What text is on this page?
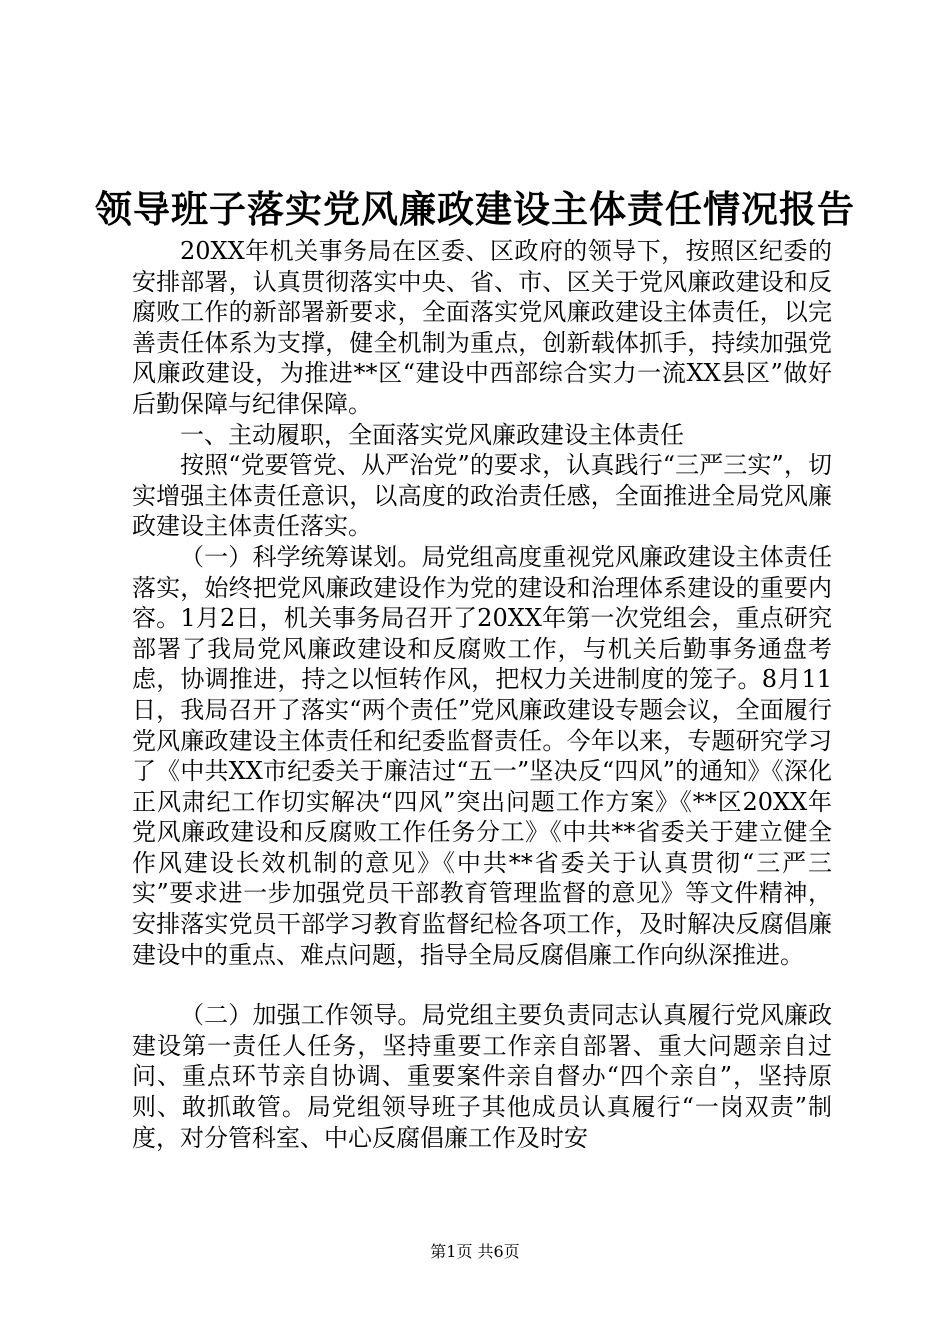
领导班子落实党风廉政建设主体责任情况报告

20XX年机关事务局在区委、区政府的领导下，按照区纪委的安排部署，认真贯彻落实中央、省、市、区关于党风廉政建设和反腐败工作的新部署新要求，全面落实党风廉政建设主体责任，以完善责任体系为支撑，健全机制为重点，创新载体抓手，持续加强党风廉政建设，为推进**区“建设中西部综合实力一流XX县区”做好后勤保障与纪律保障。

一、主动履职，全面落实党风廉政建设主体责任

按照“党要管党、从严治党”的要求，认真践行“三严三实”，切实增强主体责任意识，以高度的政治责任感，全面推进全局党风廉政建设主体责任落实。

（一）科学统筹谋划。局党组高度重视党风廉政建设主体责任落实，始终把党风廉政建设作为党的建设和治理体系建设的重要内容。1月2日，机关事务局召开了20XX年第一次党组会，重点研究部署了我局党风廉政建设和反腐败工作，与机关后勤事务通盘考虑，协调推进，持之以恒转作风，把权力关进制度的笼子。8月11日，我局召开了落实“两个责任”党风廉政建设专题会议，全面履行党风廉政建设主体责任和纪委监督责任。今年以来，专题研究学习了《中共XX市纪委关于廉洁过“五一”坚决反“四风”的通知》《深化正风肃纪工作切实解决“四风”突出问题工作方案》《**区20XX年党风廉政建设和反腐败工作任务分工》《中共**省委关于建立健全作风建设长效机制的意见》《中共**省委关于认真贯彻“三严三实”要求进一步加强党员干部教育管理监督的意见》等文件精神，安排落实党员干部学习教育监督纪检各项工作，及时解决反腐倡廉建设中的重点、难点问题，指导全局反腐倡廉工作向纵深推进。

（二）加强工作领导。局党组主要负责同志认真履行党风廉政建设第一责任人任务，坚持重要工作亲自部署、重大问题亲自过问、重点环节亲自协调、重要案件亲自督办“四个亲自”，坚持原则、敢抓敢管。局党组领导班子其他成员认真履行“一岗双责”制度，对分管科室、中心反腐倡廉工作及时安

第1页 共6页
